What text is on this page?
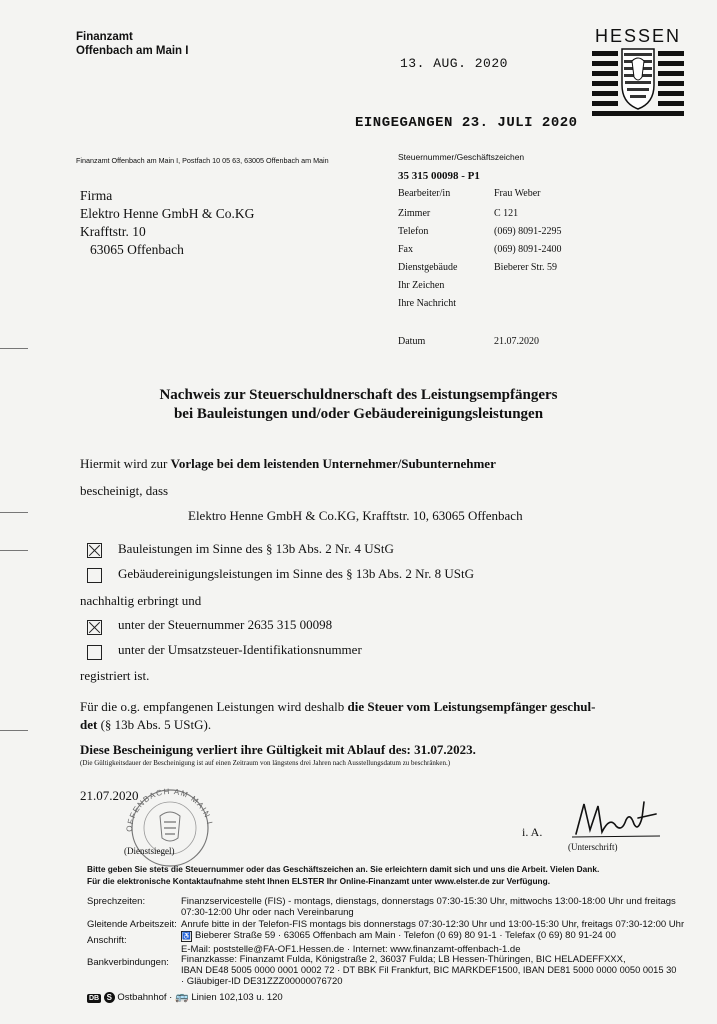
Finanzamt
Offenbach am Main I
13. AUG. 2020
EINGEGANGEN 23. JULI 2020
HESSEN
Finanzamt Offenbach am Main I, Postfach 10 05 63, 63005 Offenbach am Main
Firma
Elektro Henne GmbH & Co.KG
Krafftstr. 10
63065 Offenbach
Steuernummer/Geschäftszeichen
35 315 00098 - P1
Bearbeiter/in	Frau Weber
Zimmer	C 121
Telefon	(069) 8091-2295
Fax	(069) 8091-2400
Dienstgebäude	Bieberer Str. 59
Ihr Zeichen
Ihre Nachricht
Datum	21.07.2020
Nachweis zur Steuerschuldnerschaft des Leistungsempfängers
bei Bauleistungen und/oder Gebäudereinigungsleistungen
Hiermit wird zur Vorlage bei dem leistenden Unternehmer/Subunternehmer
bescheinigt, dass
Elektro Henne GmbH & Co.KG, Krafftstr. 10, 63065 Offenbach
Bauleistungen im Sinne des § 13b Abs. 2 Nr. 4 UStG
Gebäudereinigungsleistungen im Sinne des § 13b Abs. 2 Nr. 8 UStG
nachhaltig erbringt und
unter der Steuernummer 2635 315 00098
unter der Umsatzsteuer-Identifikationsnummer
registriert ist.
Für die o.g. empfangenen Leistungen wird deshalb die Steuer vom Leistungsempfänger geschul-
det (§ 13b Abs. 5 UStG).
Diese Bescheinigung verliert ihre Gültigkeit mit Ablauf des: 31.07.2023.
(Die Gültigkeitsdauer der Bescheinigung ist auf einen Zeitraum von längstens drei Jahren nach Ausstellungsdatum zu beschränken.)
21.07.2020
OFFENBACH AM MAIN I
(Dienstsiegel)
i. A.
(Unterschrift)
Bitte geben Sie stets die Steuernummer oder das Geschäftszeichen an. Sie erleichtern damit sich und uns die Arbeit. Vielen Dank.
Für die elektronische Kontaktaufnahme steht Ihnen ELSTER Ihr Online-Finanzamt unter www.elster.de zur Verfügung.
Sprechzeiten:	Finanzservicestelle (FIS) - montags, dienstags, donnerstags 07:30-15:30 Uhr, mittwochs 13:00-18:00 Uhr und freitags
07:30-12:00 Uhr oder nach Vereinbarung
Gleitende Arbeitszeit: Anrufe bitte in der Telefon-FIS montags bis donnerstags 07:30-12:30 Uhr und 13:00-15:30 Uhr, freitags 07:30-12:00 Uhr
Anschrift:	♿ Bieberer Straße 59 · 63065 Offenbach am Main · Telefon (0 69) 80 91-1 · Telefax (0 69) 80 91-24 00
E-Mail: poststelle@FA-OF1.Hessen.de · Internet: www.finanzamt-offenbach-1.de
Bankverbindungen: Finanzkasse: Finanzamt Fulda, Königstraße 2, 36037 Fulda; LB Hessen-Thüringen, BIC HELADEFFXXX,
IBAN DE48 5005 0000 0001 0002 72 · DT BBK Fil Frankfurt, BIC MARKDEF1500, IBAN DE81 5000 0000 0050 0015 30
· Gläubiger-ID DE31ZZZ00000076720
DB S Ostbahnhof · 🚌 Linien 102,103 u. 120
